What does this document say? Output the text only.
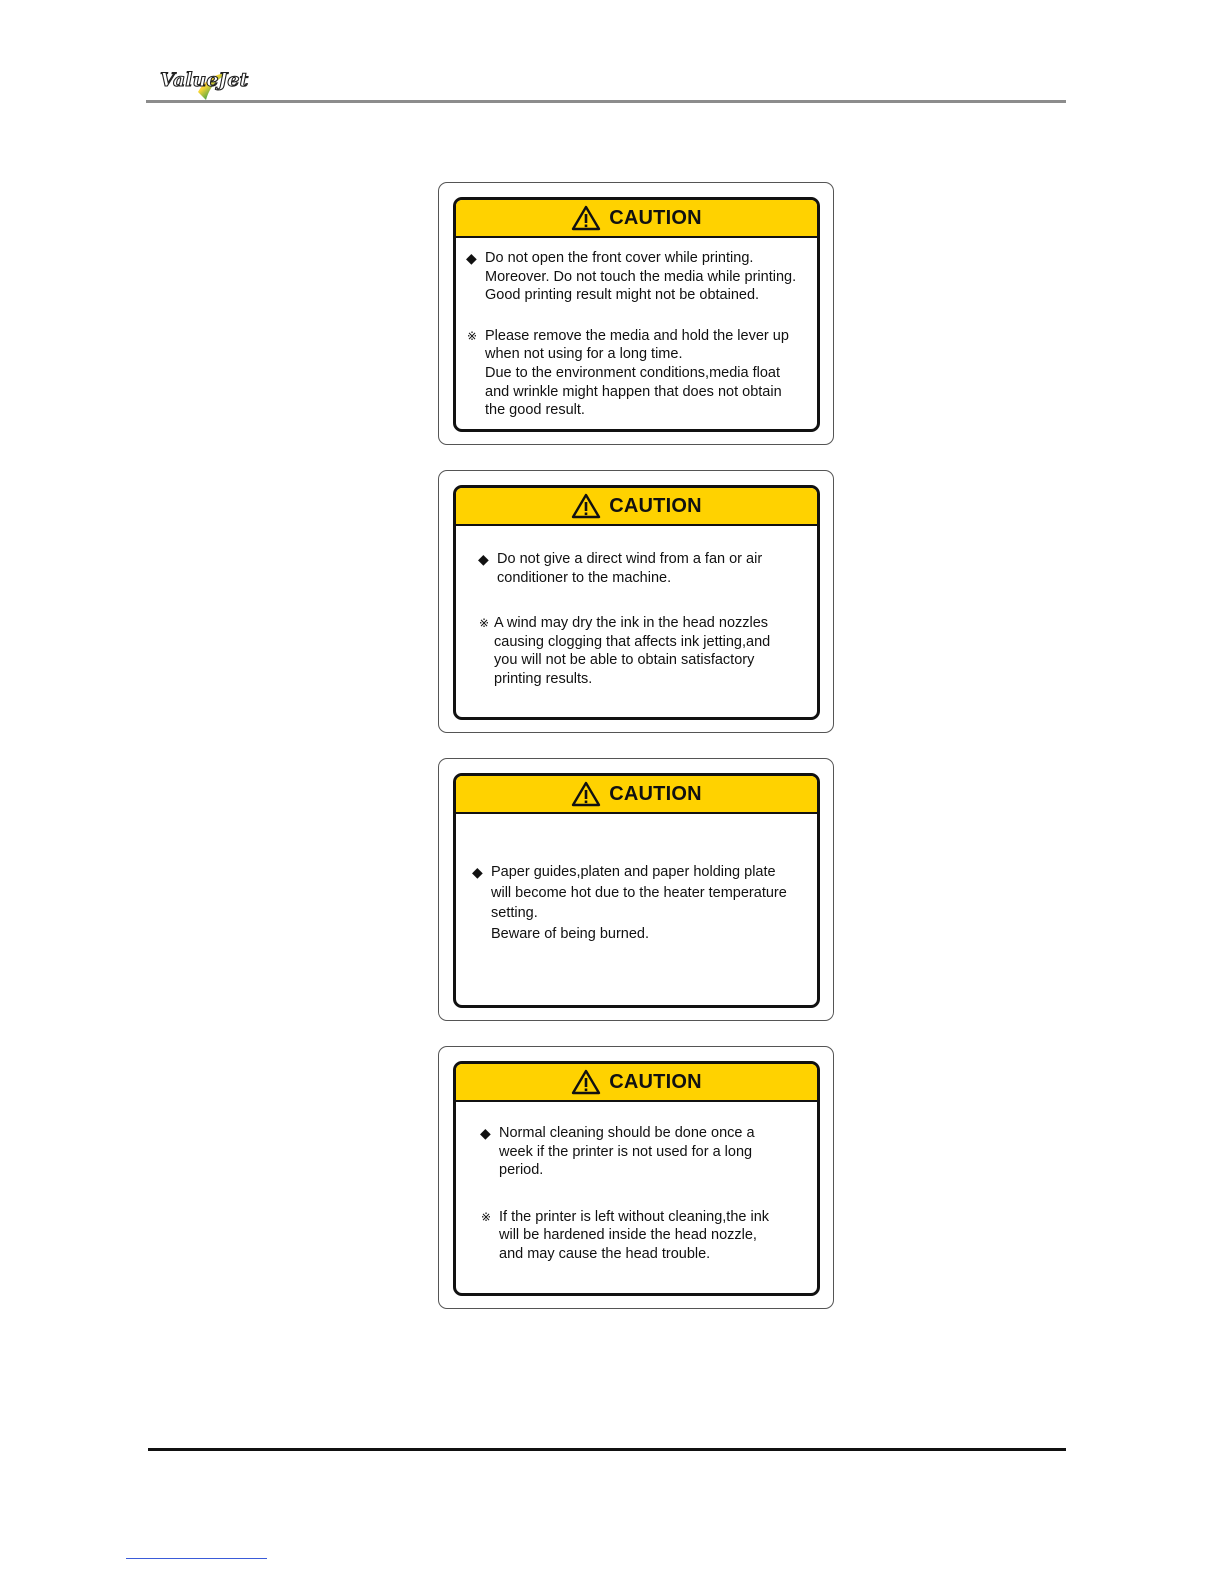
ValueJet
CAUTION
◆ Do not open the front cover while printing.
Moreover. Do not touch the media while printing.
Good printing result might not be obtained.
※ Please remove the media and hold the lever up
when not using for a long time.
Due to the environment conditions,media float
and wrinkle might happen that does not obtain
the good result.
CAUTION
◆ Do not give a direct wind from a fan or air
conditioner to the machine.
※ A wind may dry the ink in the head nozzles
causing clogging that affects ink jetting,and
you will not be able to obtain satisfactory
printing results.
CAUTION
◆ Paper guides,platen and paper holding plate
will become hot due to the heater temperature
setting.
Beware of being burned.
CAUTION
◆ Normal cleaning should be done once a
week if the printer is not used for a long
period.
※ If the printer is left without cleaning,the ink
will be hardened inside the head nozzle,
and may cause the head trouble.
